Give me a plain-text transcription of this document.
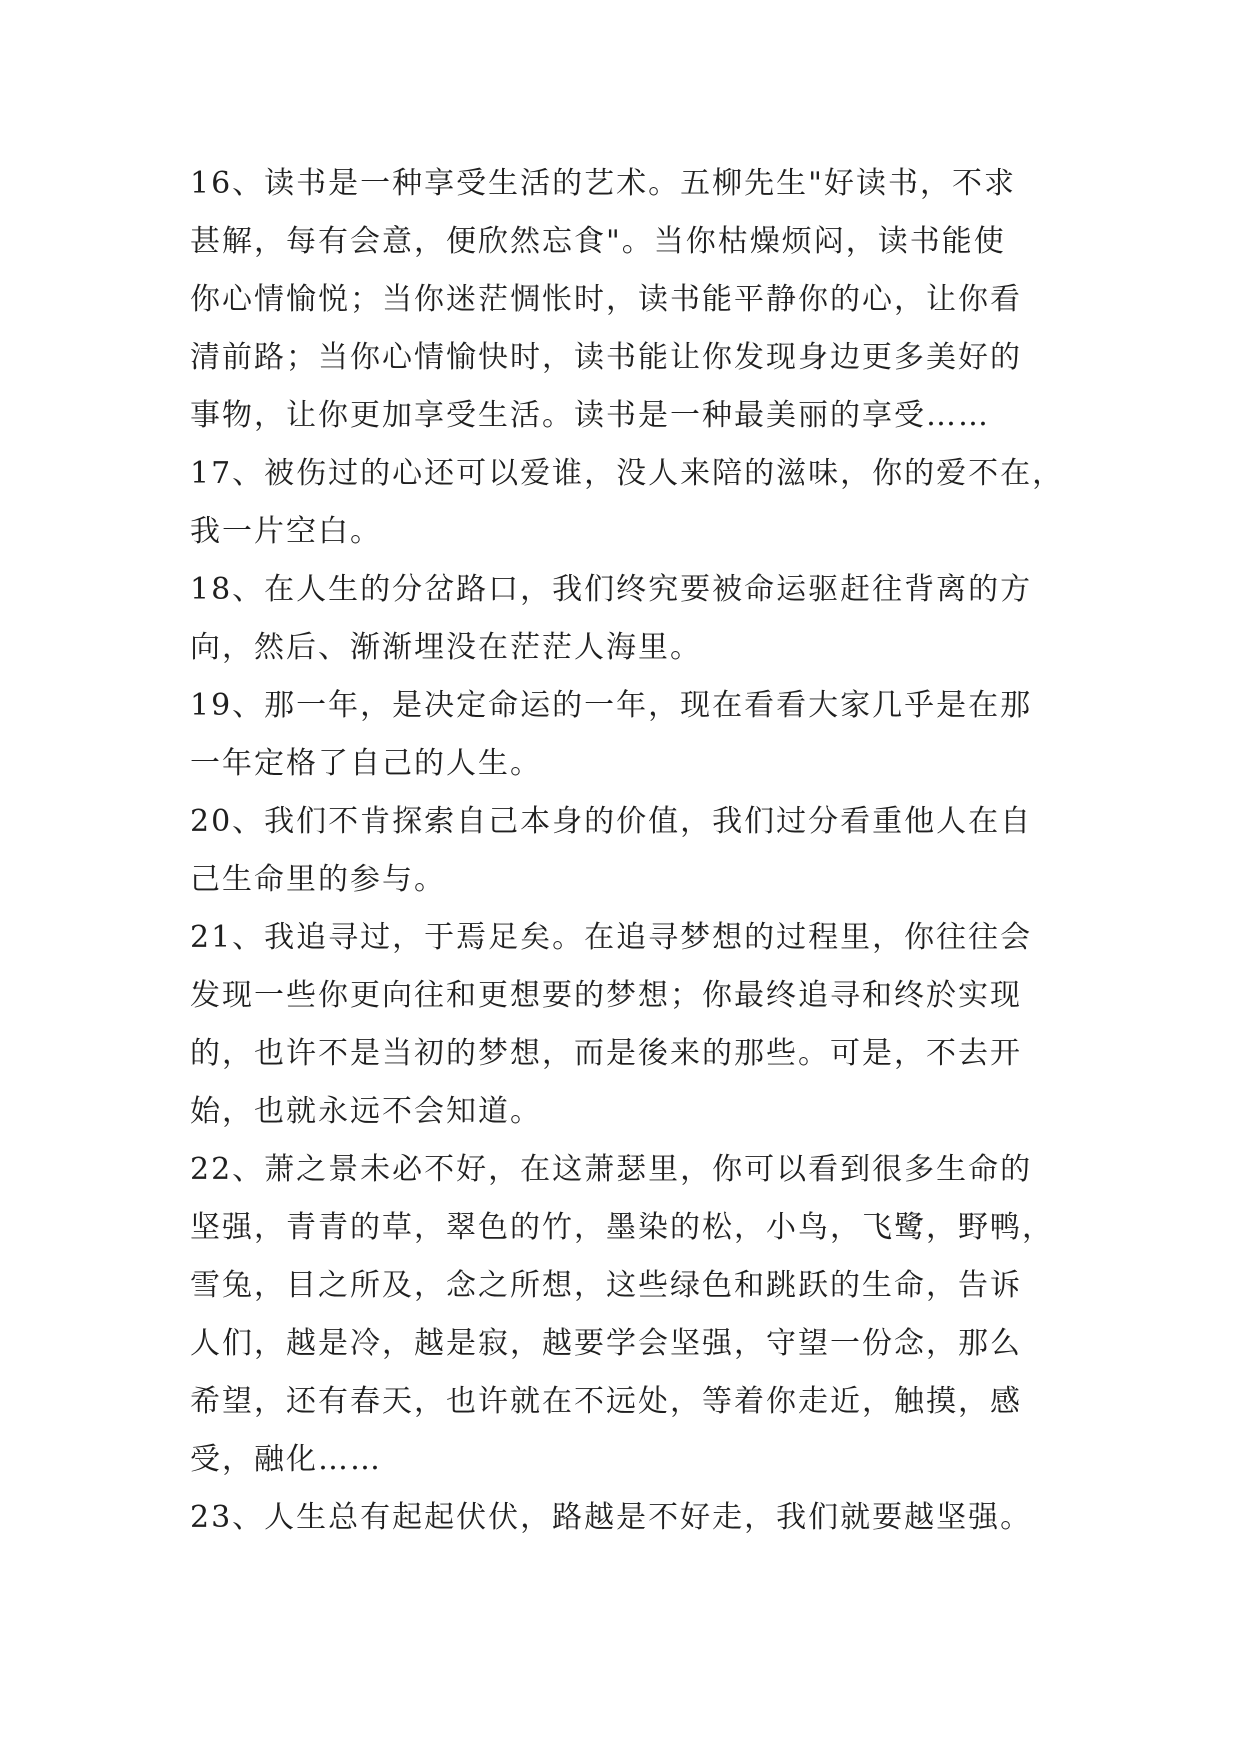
16、读书是一种享受生活的艺术。五柳先生"好读书，不求
甚解，每有会意，便欣然忘食"。当你枯燥烦闷，读书能使
你心情愉悦；当你迷茫惆怅时，读书能平静你的心，让你看
清前路；当你心情愉快时，读书能让你发现身边更多美好的
事物，让你更加享受生活。读书是一种最美丽的享受……
17、被伤过的心还可以爱谁，没人来陪的滋味，你的爱不在，
我一片空白。
18、在人生的分岔路口，我们终究要被命运驱赶往背离的方
向，然后、渐渐埋没在茫茫人海里。
19、那一年，是决定命运的一年，现在看看大家几乎是在那
一年定格了自己的人生。
20、我们不肯探索自己本身的价值，我们过分看重他人在自
己生命里的参与。
21、我追寻过，于焉足矣。在追寻梦想的过程里，你往往会
发现一些你更向往和更想要的梦想；你最终追寻和终於实现
的，也许不是当初的梦想，而是後来的那些。可是，不去开
始，也就永远不会知道。
22、萧之景未必不好，在这萧瑟里，你可以看到很多生命的
坚强，青青的草，翠色的竹，墨染的松，小鸟，飞鹭，野鸭，
雪兔，目之所及，念之所想，这些绿色和跳跃的生命，告诉
人们，越是冷，越是寂，越要学会坚强，守望一份念，那么
希望，还有春天，也许就在不远处，等着你走近，触摸，感
受，融化……
23、人生总有起起伏伏，路越是不好走，我们就要越坚强。
